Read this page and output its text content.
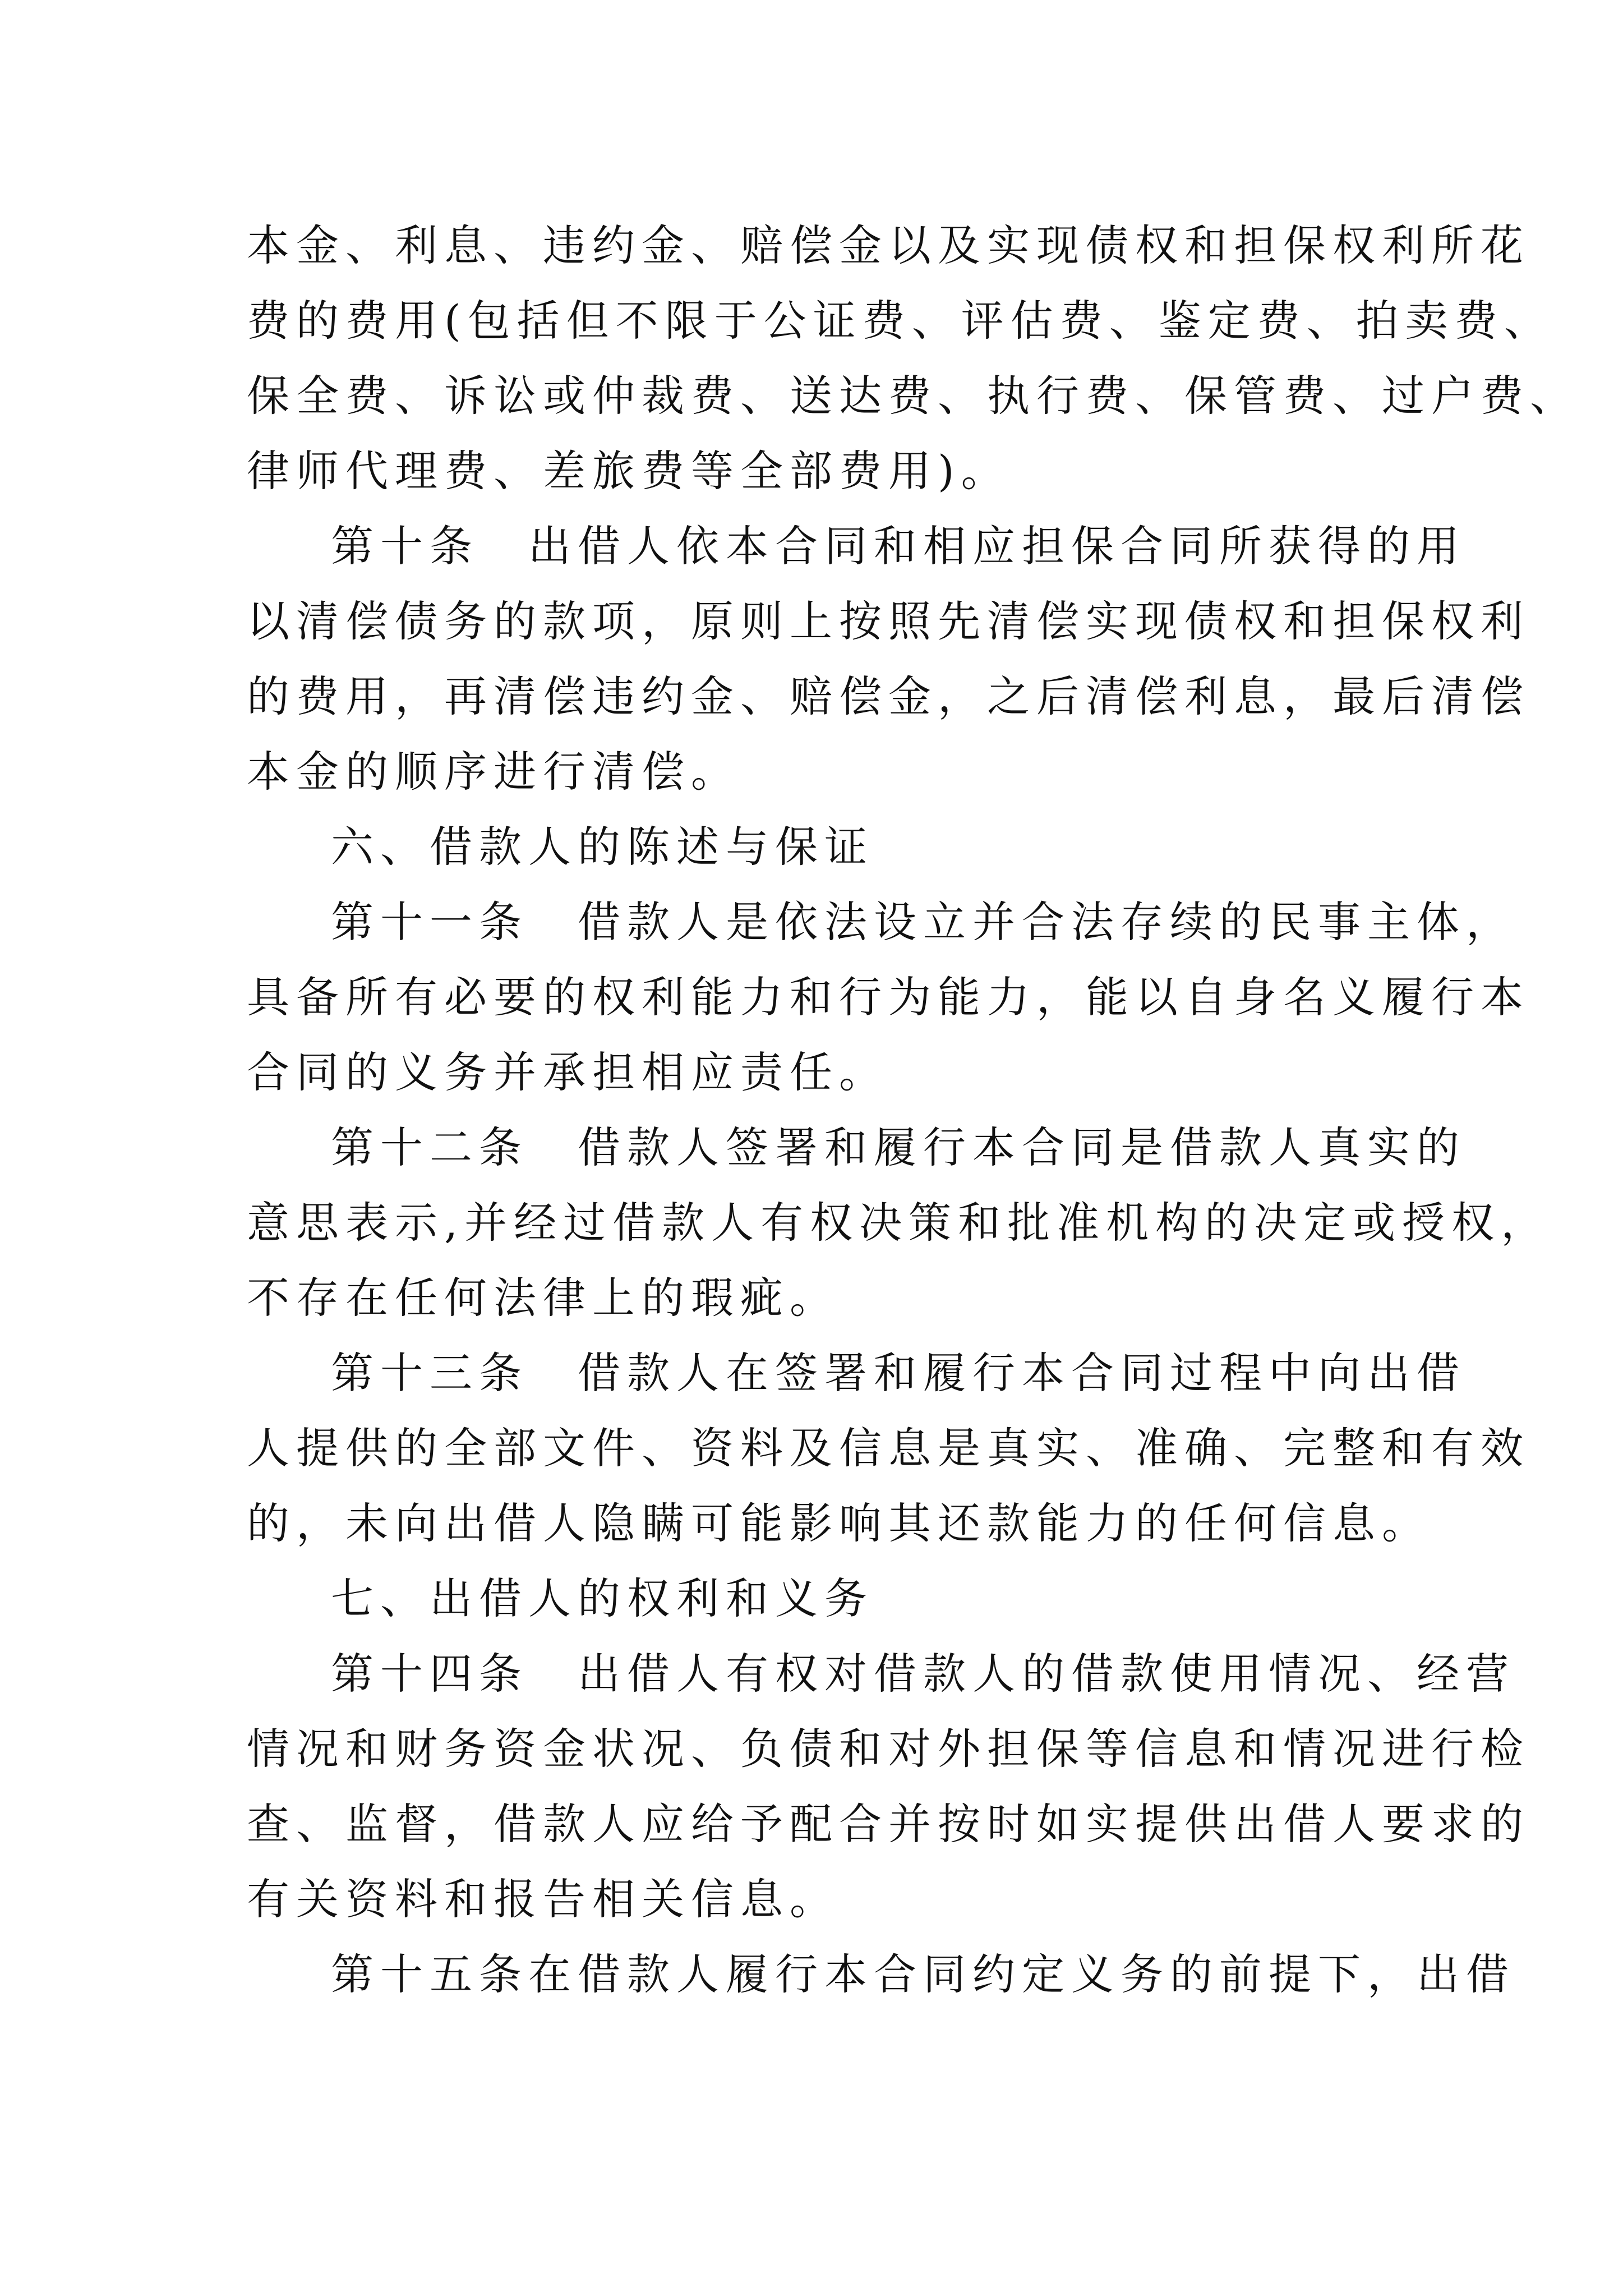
本金、利息、违约金、赔偿金以及实现债权和担保权利所花

费的费用(包括但不限于公证费、评估费、鉴定费、拍卖费、

保全费、诉讼或仲裁费、送达费、执行费、保管费、过户费、

律师代理费、差旅费等全部费用)。

第十条　出借人依本合同和相应担保合同所获得的用

以清偿债务的款项，原则上按照先清偿实现债权和担保权利

的费用，再清偿违约金、赔偿金，之后清偿利息，最后清偿

本金的顺序进行清偿。

六、借款人的陈述与保证

第十一条　借款人是依法设立并合法存续的民事主体，

具备所有必要的权利能力和行为能力，能以自身名义履行本

合同的义务并承担相应责任。

第十二条　借款人签署和履行本合同是借款人真实的

意思表示,并经过借款人有权决策和批准机构的决定或授权，

不存在任何法律上的瑕疵。

第十三条　借款人在签署和履行本合同过程中向出借

人提供的全部文件、资料及信息是真实、准确、完整和有效

的，未向出借人隐瞒可能影响其还款能力的任何信息。

七、出借人的权利和义务

第十四条　出借人有权对借款人的借款使用情况、经营

情况和财务资金状况、负债和对外担保等信息和情况进行检

查、监督，借款人应给予配合并按时如实提供出借人要求的

有关资料和报告相关信息。

第十五条在借款人履行本合同约定义务的前提下，出借
